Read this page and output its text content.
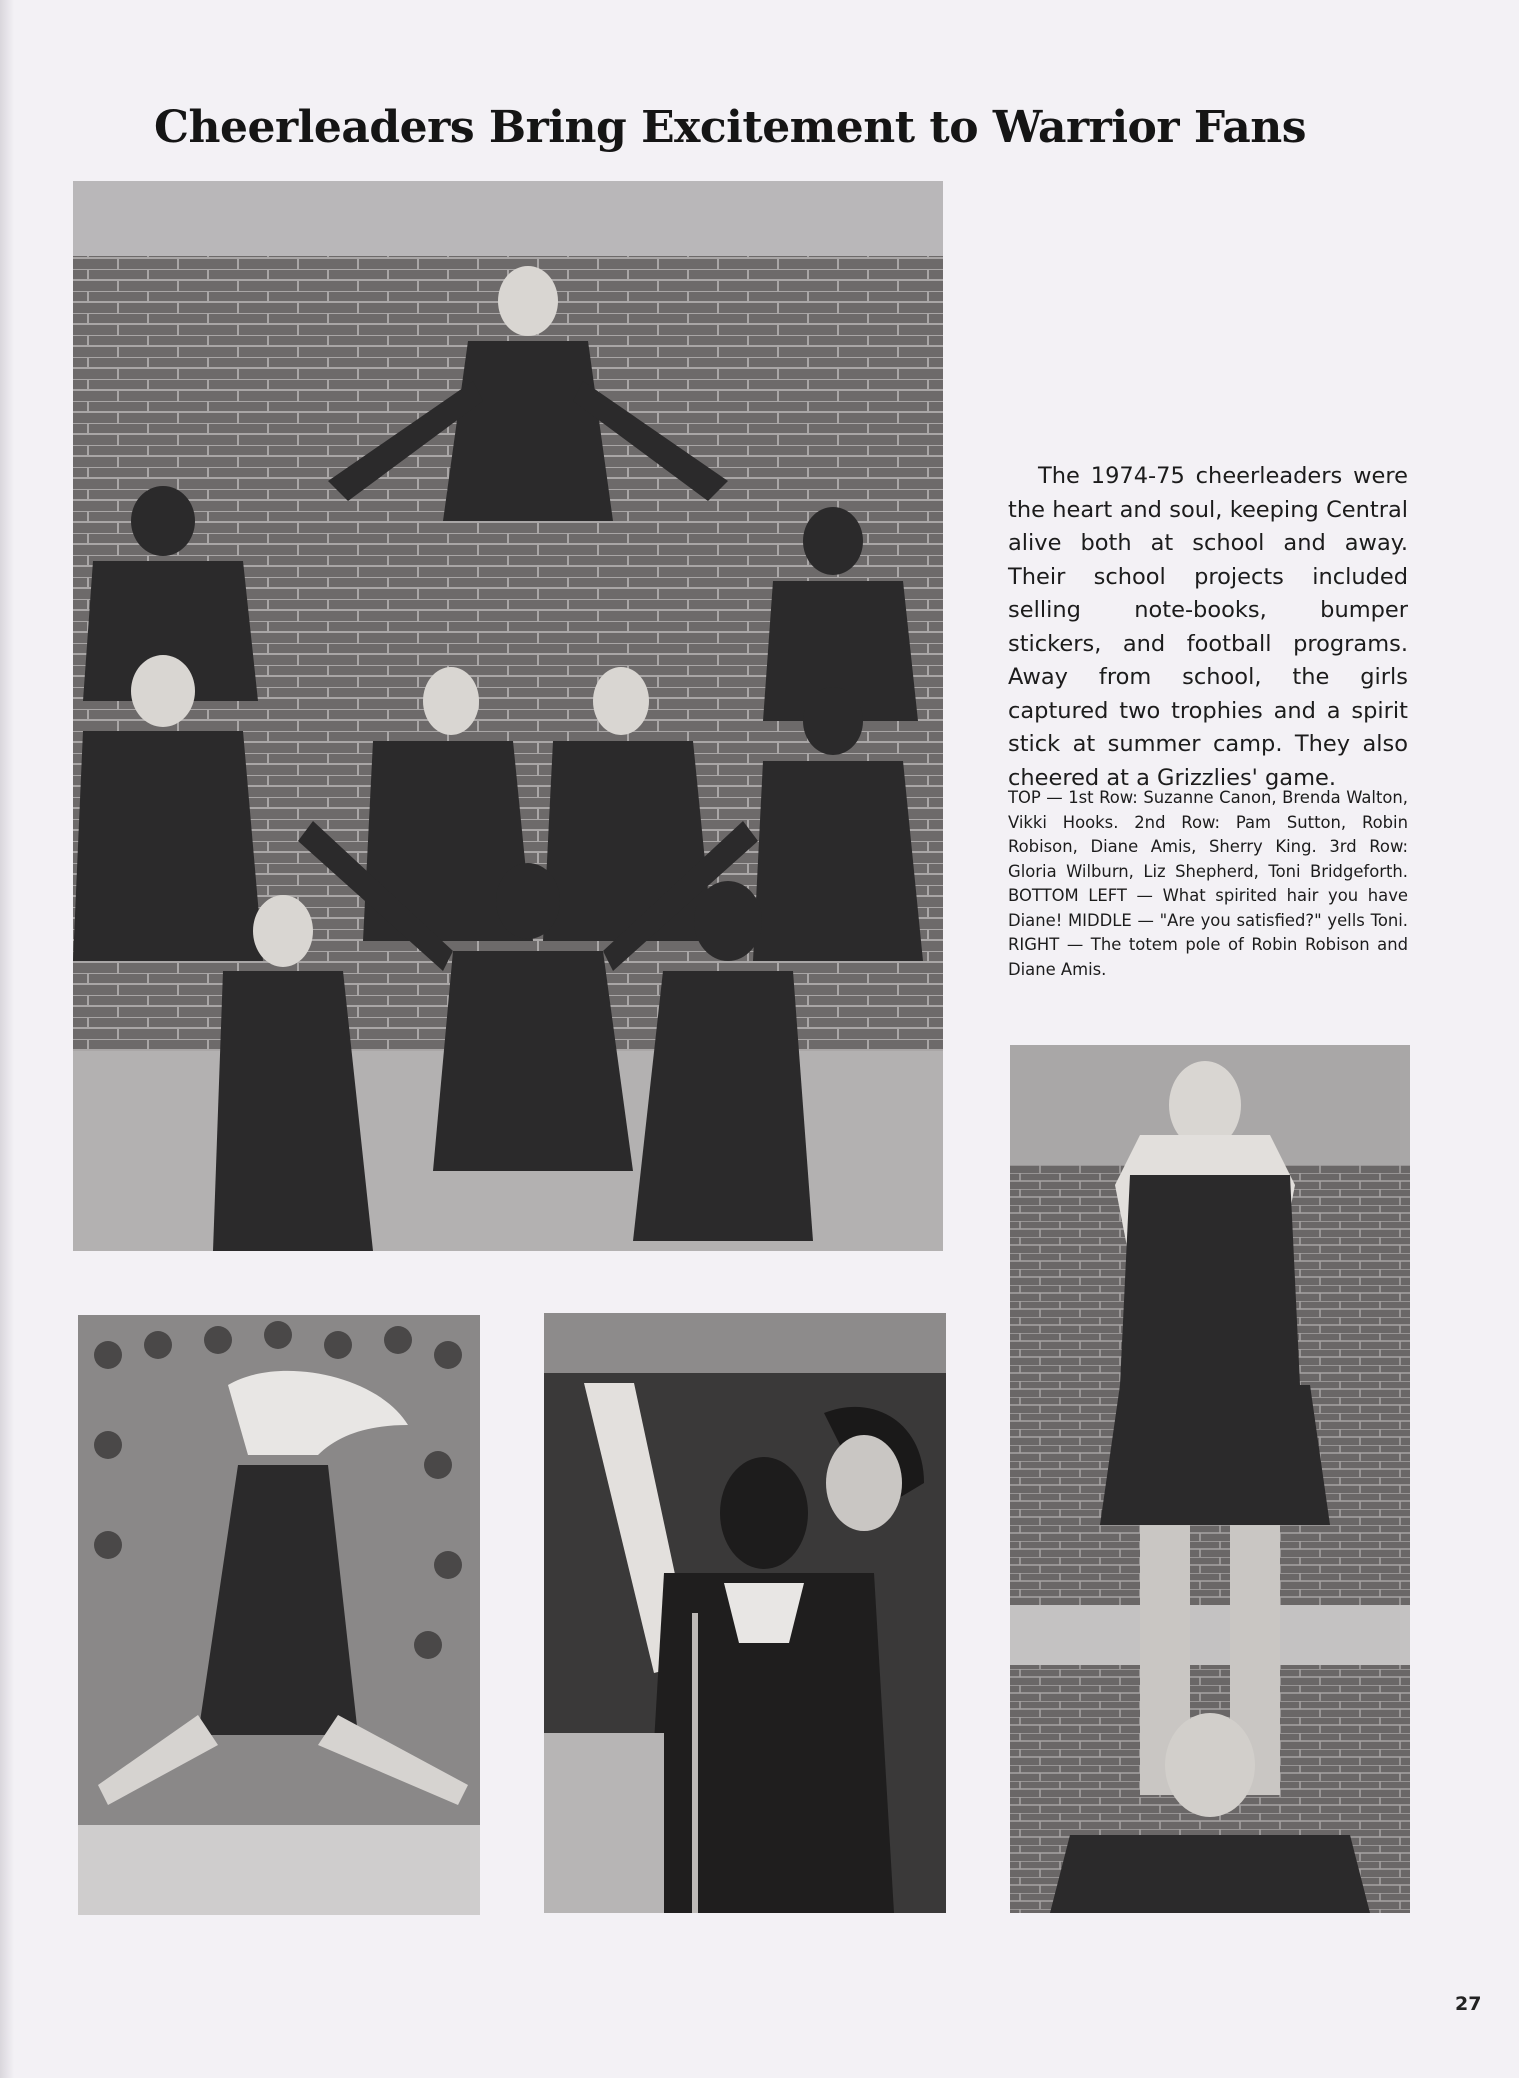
Cheerleaders Bring Excitement to Warrior Fans
The 1974-75 cheerleaders were the heart and soul, keeping Central alive both at school and away. Their school projects included selling note-books, bumper stickers, and football programs. Away from school, the girls captured two trophies and a spirit stick at summer camp. They also cheered at a Grizzlies' game.
TOP — 1st Row: Suzanne Canon, Brenda Walton, Vikki Hooks. 2nd Row: Pam Sutton, Robin Robison, Diane Amis, Sherry King. 3rd Row: Gloria Wilburn, Liz Shepherd, Toni Bridgeforth. BOTTOM LEFT — What spirited hair you have Diane! MIDDLE — "Are you satisfied?" yells Toni. RIGHT — The totem pole of Robin Robison and Diane Amis.
27
